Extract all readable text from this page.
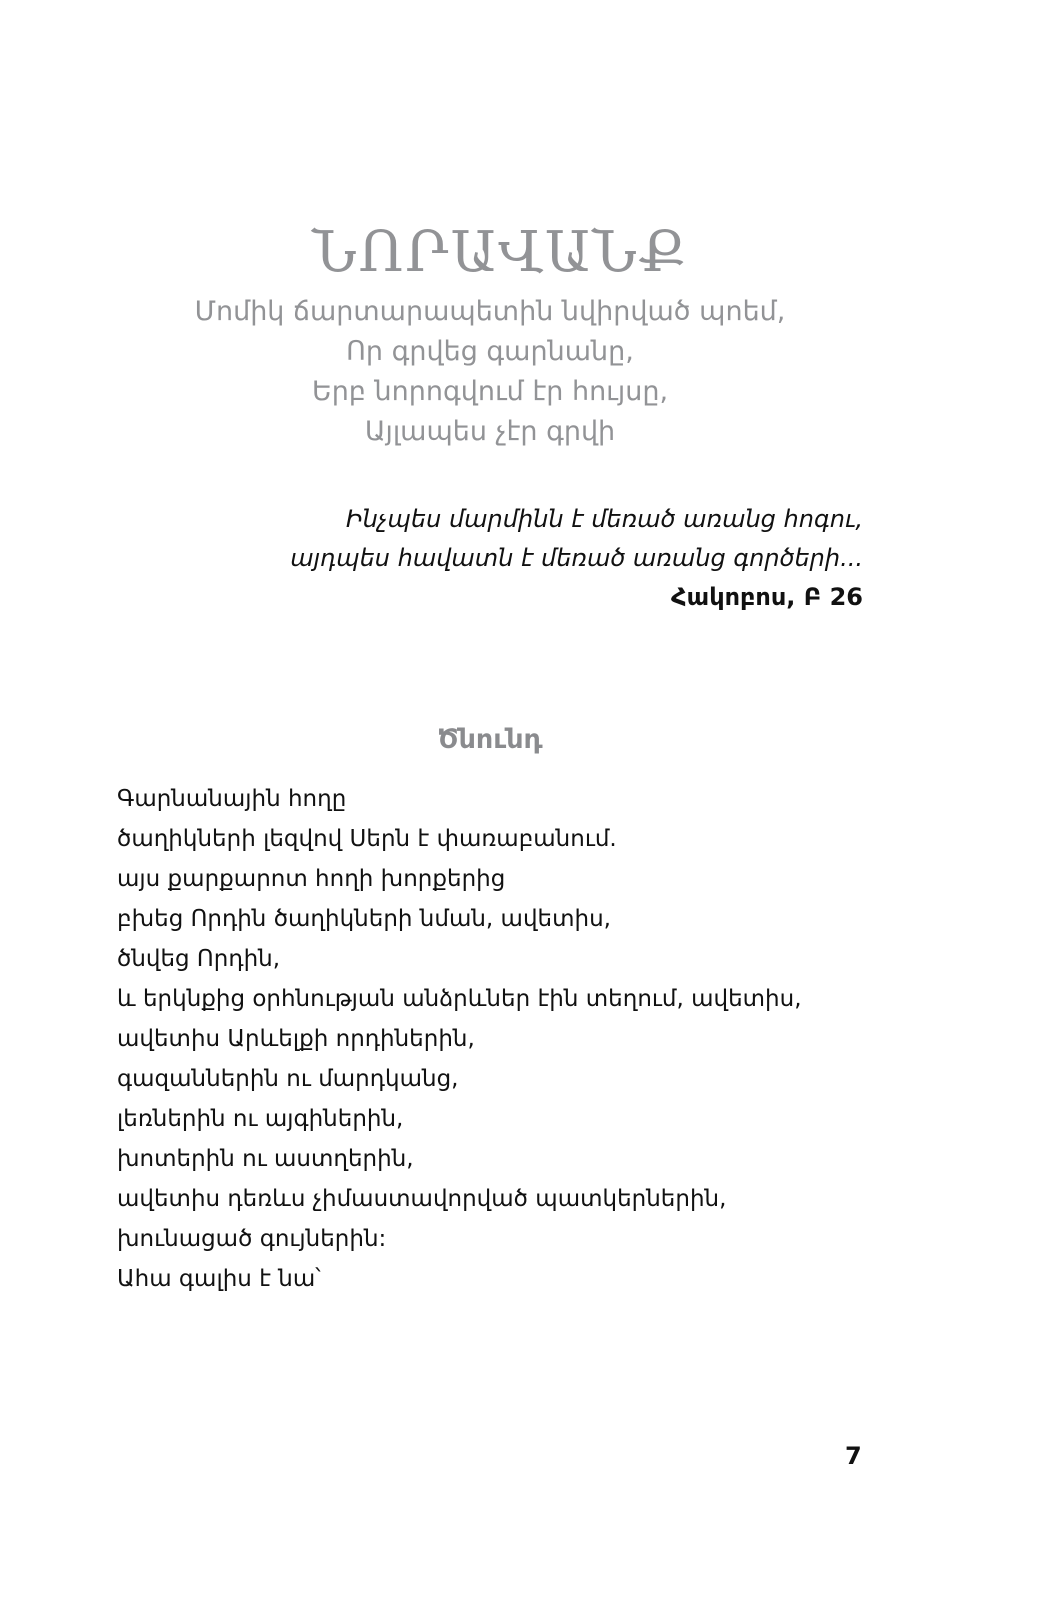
ՆՈՐԱՎԱՆՔ
Մոմիկ ճարտարապետին նվիրված պոեմ,
Որ գրվեց գարնանը,
Երբ նորոգվում էր հույսը,
Այլապես չէր գրվի
Ինչպես մարմինն է մեռած առանց հոգու,
այդպես հավատն է մեռած առանց գործերի...
Հակոբոս, Բ 26
Ծնունդ
Գարնանային հողը
ծաղիկների լեզվով Սերն է փառաբանում.
այս քարքարոտ հողի խորքերից
բխեց Որդին ծաղիկների նման, ավետիս,
ծնվեց Որդին,
և երկնքից օրհնության անձրևներ էին տեղում, ավետիս,
ավետիս Արևելքի որդիներին,
գազաններին ու մարդկանց,
լեռներին ու այգիներին,
խոտերին ու աստղերին,
ավետիս դեռևս չիմաստավորված պատկերներին,
խունացած գույներին:
Ահա գալիս է նա՝
7
